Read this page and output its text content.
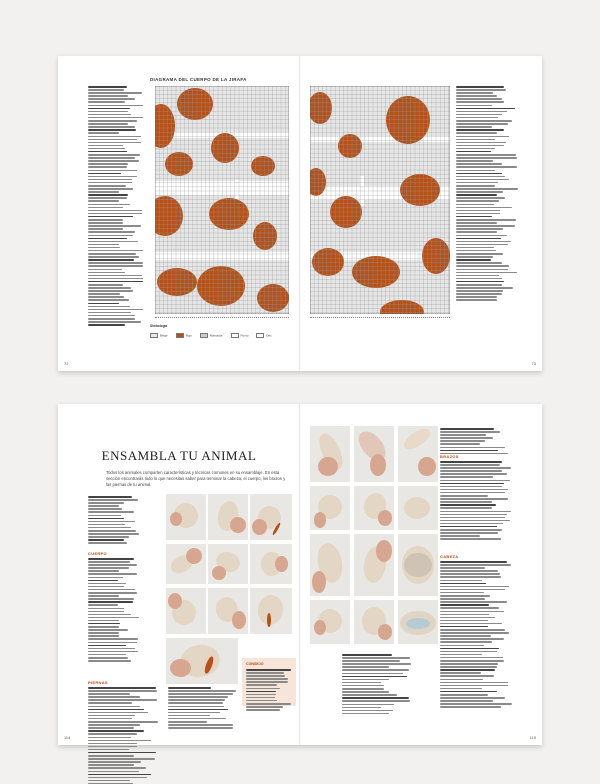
DIAGRAMA DEL CUERPO DE LA JIRAFA
Simbología
Beige	Rojo	Marcador	Punto	Dec
72	73
ENSAMBLA TU ANIMAL
Todos los animales comparten características y técnicas comunes en su ensamblaje. En esta sección encontrarás todo lo que necesitas saber para terminar la cabeza, el cuerpo, los brazos y las piernas de tu animal.
CUERPO
PIERNAS
CONSEJO
114
BRAZOS
CABEZA
115
